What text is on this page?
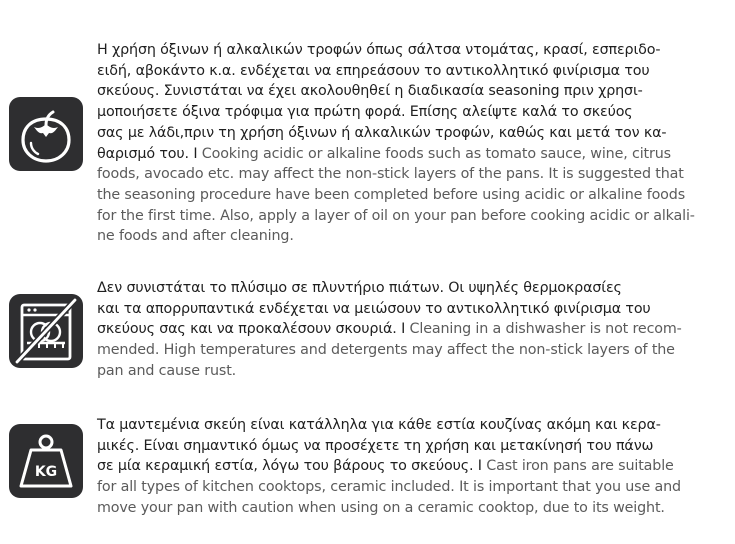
Η χρήση όξινων ή αλκαλικών τροφών όπως σάλτσα ντομάτας, κρασί, εσπεριδο-
ειδή, αβοκάντο κ.α. ενδέχεται να επηρεάσουν το αντικολλητικό φινίρισμα του
σκεύους. Συνιστάται να έχει ακολουθηθεί η διαδικασία seasoning πριν χρησι-
μοποιήσετε όξινα τρόφιμα για πρώτη φορά. Επίσης αλείψτε καλά το σκεύος
σας με λάδι,πριν τη χρήση όξινων ή αλκαλικών τροφών, καθώς και μετά τον κα-
θαρισμό του. I Cooking acidic or alkaline foods such as tomato sauce, wine, citrus
foods, avocado etc. may affect the non-stick layers of the pans. It is suggested that
the seasoning procedure have been completed before using acidic or alkaline foods
for the first time. Also, apply a layer of oil on your pan before cooking acidic or alkali-
ne foods and after cleaning.
Δεν συνιστάται το πλύσιμο σε πλυντήριο πιάτων. Οι υψηλές θερμοκρασίες
και τα απορρυπαντικά ενδέχεται να μειώσουν το αντικολλητικό φινίρισμα του
σκεύους σας και να προκαλέσουν σκουριά. I Cleaning in a dishwasher is not recom-
mended. High temperatures and detergents may affect the non-stick layers of the
pan and cause rust.
KG
Τα μαντεμένια σκεύη είναι κατάλληλα για κάθε εστία κουζίνας ακόμη και κερα-
μικές. Είναι σημαντικό όμως να προσέχετε τη χρήση και μετακίνησή του πάνω
σε μία κεραμική εστία, λόγω του βάρους το σκεύους. I Cast iron pans are suitable
for all types of kitchen cooktops, ceramic included. It is important that you use and
move your pan with caution when using on a ceramic cooktop, due to its weight.
